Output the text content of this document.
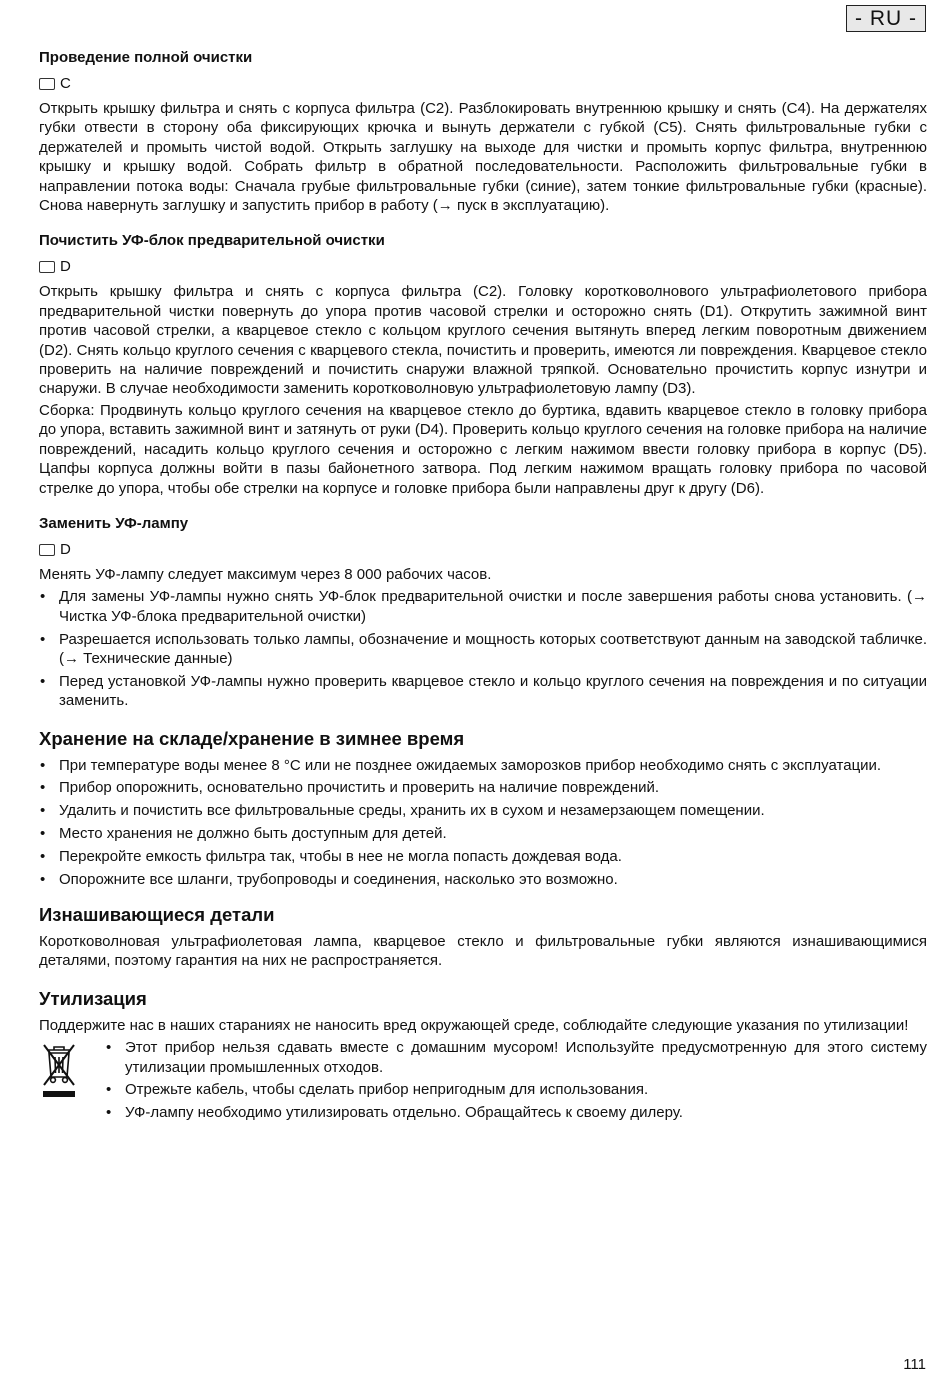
- RU -
Проведение полной очистки
C

Открыть крышку фильтра и снять с корпуса фильтра (C2). Разблокировать внутреннюю крышку и снять (C4). На держателях губки отвести в сторону оба фиксирующих крючка и вынуть держатели с губкой (C5). Снять фильтровальные губки с держателей и промыть чистой водой. Открыть заглушку на выходе для чистки и промыть корпус фильтра, внутреннюю крышку и крышку водой. Собрать фильтр в обратной последовательности. Расположить фильтровальные губки в направлении потока воды: Сначала грубые фильтровальные губки (синие), затем тонкие фильтровальные губки (красные). Снова навернуть заглушку и запустить прибор в работу (→ пуск в эксплуатацию).

Почистить УФ-блок предварительной очистки
D

Открыть крышку фильтра и снять с корпуса фильтра (C2). Головку коротковолнового ультрафиолетового прибора предварительной чистки повернуть до упора против часовой стрелки и осторожно снять (D1). Открутить зажимной винт против часовой стрелки, а кварцевое стекло с кольцом круглого сечения вытянуть вперед легким поворотным движением (D2). Снять кольцо круглого сечения с кварцевого стекла, почистить и проверить, имеются ли повреждения. Кварцевое стекло проверить на наличие повреждений и почистить снаружи влажной тряпкой. Основательно прочистить корпус изнутри и снаружи. В случае необходимости заменить коротковолновую ультрафиолетовую лампу (D3).

Сборка: Продвинуть кольцо круглого сечения на кварцевое стекло до буртика, вдавить кварцевое стекло в головку прибора до упора, вставить зажимной винт и затянуть от руки (D4). Проверить кольцо круглого сечения на головке прибора на наличие повреждений, насадить кольцо круглого сечения и осторожно с легким нажимом ввести головку прибора в корпус (D5). Цапфы корпуса должны войти в пазы байонетного затвора. Под легким нажимом вращать головку прибора по часовой стрелке до упора, чтобы обе стрелки на корпусе и головке прибора были направлены друг к другу (D6).

Заменить УФ-лампу
D

Менять УФ-лампу следует максимум через 8 000 рабочих часов.

• Для замены УФ-лампы нужно снять УФ-блок предварительной очистки и после завершения работы снова установить. (→ Чистка УФ-блока предварительной очистки)
• Разрешается использовать только лампы, обозначение и мощность которых соответствуют данным на заводской табличке. (→ Технические данные)
• Перед установкой УФ-лампы нужно проверить кварцевое стекло и кольцо круглого сечения на повреждения и по ситуации заменить.
Хранение на складе/хранение в зимнее время
• При температуре воды менее 8 °C или не позднее ожидаемых заморозков прибор необходимо снять с эксплуатации.
• Прибор опорожнить, основательно прочистить и проверить на наличие повреждений.
• Удалить и почистить все фильтровальные среды, хранить их в сухом и незамерзающем помещении.
• Место хранения не должно быть доступным для детей.
• Перекройте емкость фильтра так, чтобы в нее не могла попасть дождевая вода.
• Опорожните все шланги, трубопроводы и соединения, насколько это возможно.
Изнашивающиеся детали

Коротковолновая ультрафиолетовая лампа, кварцевое стекло и фильтровальные губки являются изнашивающимися деталями, поэтому гарантия на них не распространяется.

Утилизация

Поддержите нас в наших стараниях не наносить вред окружающей среде, соблюдайте следующие указания по утилизации!

• Этот прибор нельзя сдавать вместе с домашним мусором! Используйте предусмотренную для этого систему утилизации промышленных отходов.
• Отрежьте кабель, чтобы сделать прибор непригодным для использования.
• УФ-лампу необходимо утилизировать отдельно. Обращайтесь к своему дилеру.
111
